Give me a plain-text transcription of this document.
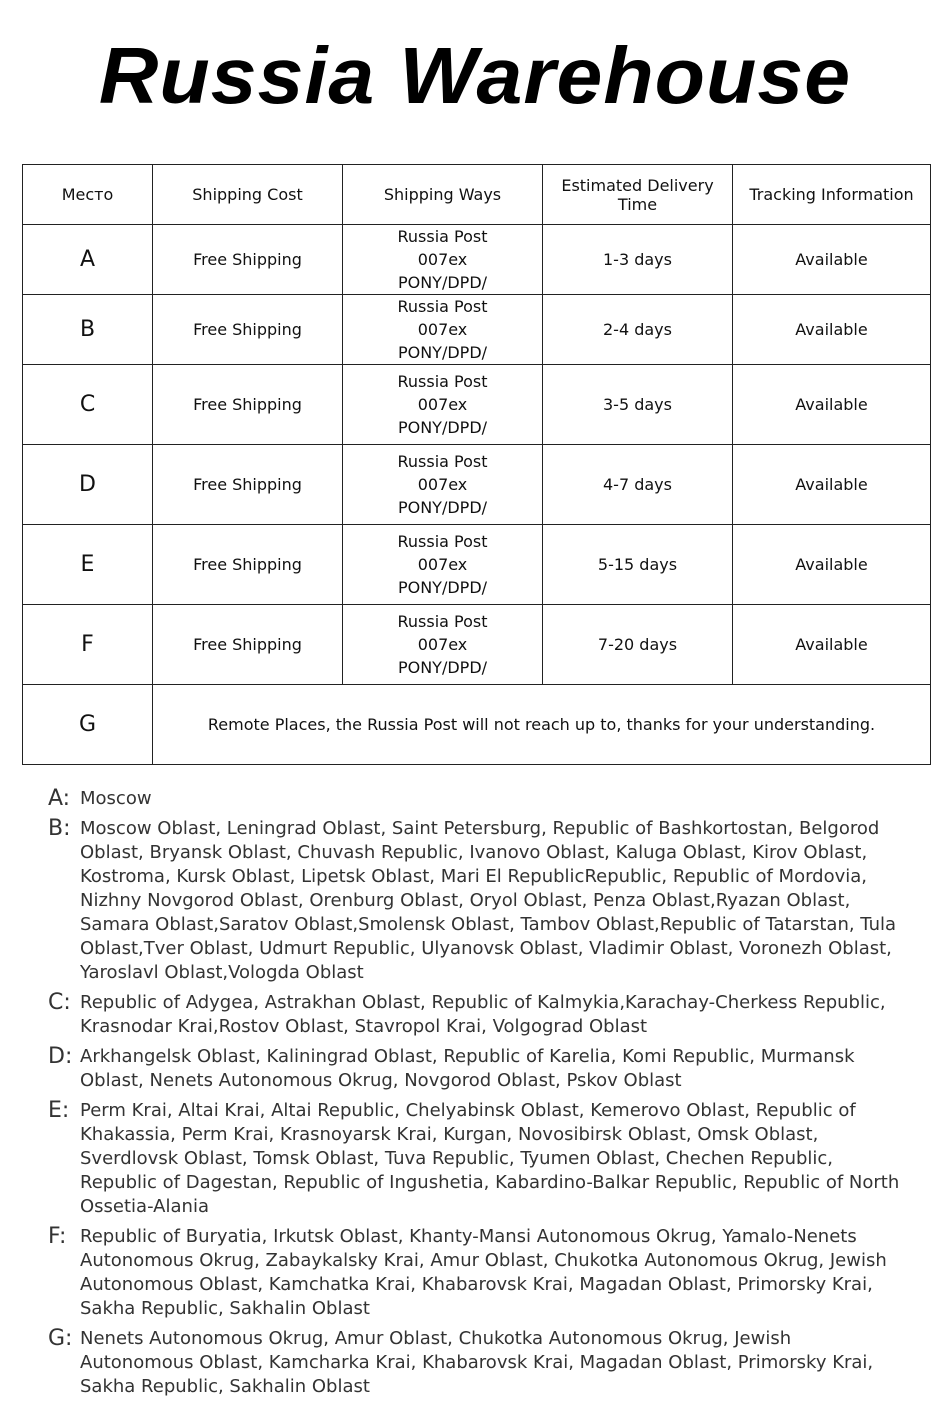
Russia Warehouse
Место	Shipping Cost	Shipping Ways	Estimated Delivery Time	Tracking Information
A	Free Shipping	Russia Post
007ex
PONY/DPD/	1-3 days	Available
B	Free Shipping	Russia Post
007ex
PONY/DPD/	2-4 days	Available
C	Free Shipping	Russia Post
007ex
PONY/DPD/	3-5 days	Available
D	Free Shipping	Russia Post
007ex
PONY/DPD/	4-7 days	Available
E	Free Shipping	Russia Post
007ex
PONY/DPD/	5-15 days	Available
F	Free Shipping	Russia Post
007ex
PONY/DPD/	7-20 days	Available
G	Remote Places, the Russia Post will not reach up to, thanks for your understanding.			
A: Moscow
B: Moscow Oblast, Leningrad Oblast, Saint Petersburg, Republic of Bashkortostan, Belgorod Oblast, Bryansk Oblast, Chuvash Republic, Ivanovo Oblast, Kaluga Oblast, Kirov Oblast, Kostroma, Kursk Oblast, Lipetsk Oblast, Mari El RepublicRepublic, Republic of Mordovia, Nizhny Novgorod Oblast, Orenburg Oblast, Oryol Oblast, Penza Oblast,Ryazan Oblast, Samara Oblast,Saratov Oblast,Smolensk Oblast, Tambov Oblast,Republic of Tatarstan, Tula Oblast,Tver Oblast, Udmurt Republic, Ulyanovsk Oblast, Vladimir Oblast, Voronezh Oblast, Yaroslavl Oblast,Vologda Oblast
C: Republic of Adygea, Astrakhan Oblast, Republic of Kalmykia,Karachay-Cherkess Republic, Krasnodar Krai,Rostov Oblast, Stavropol Krai, Volgograd Oblast
D: Arkhangelsk Oblast, Kaliningrad Oblast, Republic of Karelia, Komi Republic, Murmansk Oblast, Nenets Autonomous Okrug, Novgorod Oblast, Pskov Oblast
E: Perm Krai, Altai Krai, Altai Republic, Chelyabinsk Oblast, Kemerovo Oblast, Republic of Khakassia, Perm Krai, Krasnoyarsk Krai, Kurgan, Novosibirsk Oblast, Omsk Oblast, Sverdlovsk Oblast, Tomsk Oblast, Tuva Republic, Tyumen Oblast, Chechen Republic, Republic of Dagestan, Republic of Ingushetia, Kabardino-Balkar Republic, Republic of North Ossetia-Alania
F: Republic of Buryatia, Irkutsk Oblast, Khanty-Mansi Autonomous Okrug, Yamalo-Nenets Autonomous Okrug, Zabaykalsky Krai, Amur Oblast, Chukotka Autonomous Okrug, Jewish Autonomous Oblast, Kamchatka Krai, Khabarovsk Krai, Magadan Oblast, Primorsky Krai, Sakha Republic, Sakhalin Oblast
G: Nenets Autonomous Okrug, Amur Oblast, Chukotka Autonomous Okrug, Jewish Autonomous Oblast, Kamcharka Krai, Khabarovsk Krai, Magadan Oblast, Primorsky Krai, Sakha Republic, Sakhalin Oblast
